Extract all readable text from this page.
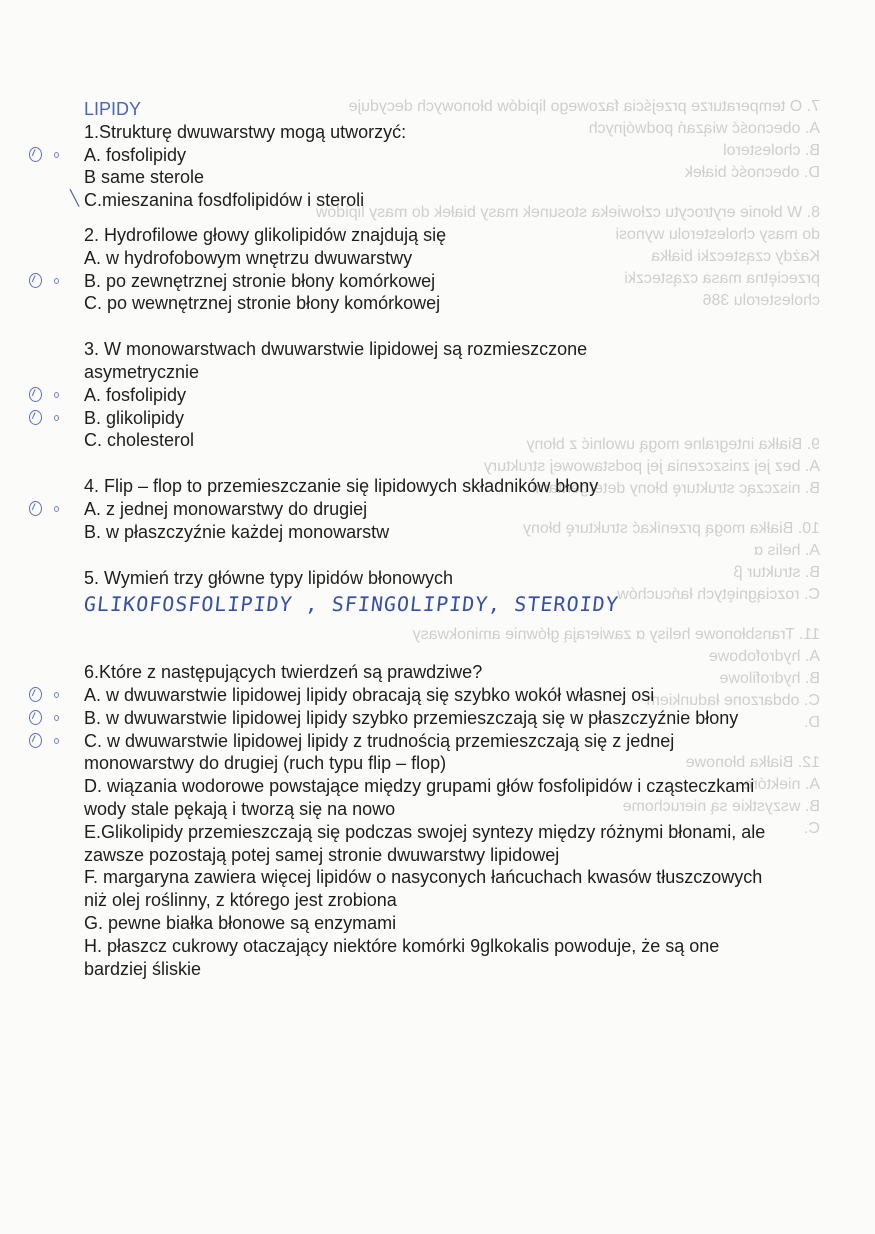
7. O temperaturze przejścia fazowego lipidów błonowych decyduje
A. obecność wiązań podwójnych
B. cholesterol
D. obecność białek
8. W błonie erytrocytu człowieka stosunek masy białek do masy lipidów
do masy cholesterolu wynosi
Każdy cząsteczki białka
przeciętna masa cząsteczki
cholesterolu 386
9. Białka integralne mogą uwolnić z błony
A. bez jej zniszczenia jej podstawowej struktury
B. niszcząc strukturę błony detergentami
10. Białka mogą przenikać strukturę błony
A. helis α
B. struktur β
C. rozciągniętych łańcuchów
11. Transbłonowe helisy α zawierają głównie aminokwasy
A. hydrofobowe
B. hydrofilowe
C. obdarzone ładunkiem
D.
12. Białka błonowe
A. niektóre
B. wszystkie są nieruchome
C.
LIPIDY
1.Strukturę dwuwarstwy mogą utworzyć:
A. fosfolipidy
B same sterole
╲ C.mieszanina fosdfolipidów i steroli
2. Hydrofilowe głowy glikolipidów znajdują się
A. w hydrofobowym wnętrzu dwuwarstwy
B. po zewnętrznej stronie błony komórkowej
C. po wewnętrznej stronie błony komórkowej
3. W monowarstwach dwuwarstwie lipidowej są rozmieszczone
asymetrycznie
A. fosfolipidy
B. glikolipidy
C. cholesterol
4. Flip – flop to przemieszczanie się lipidowych składników błony
A. z jednej monowarstwy do drugiej
B. w płaszczyźnie każdej monowarstw
5. Wymień trzy główne typy lipidów błonowych
GLIKOFOSFOLIPIDY , SFINGOLIPIDY, STEROIDY
6.Które z następujących twierdzeń są prawdziwe?
A. w dwuwarstwie lipidowej lipidy obracają się szybko wokół własnej osi
B. w dwuwarstwie lipidowej lipidy szybko przemieszczają się w płaszczyźnie błony
C. w dwuwarstwie lipidowej lipidy z trudnością przemieszczają się z jednej monowarstwy do drugiej (ruch typu flip – flop)
D. wiązania wodorowe powstające między grupami głów fosfolipidów i cząsteczkami wody stale pękają i tworzą się na nowo
E.Glikolipidy przemieszczają się podczas swojej syntezy między różnymi błonami, ale zawsze pozostają potej samej stronie dwuwarstwy lipidowej
F. margaryna zawiera więcej lipidów o nasyconych łańcuchach kwasów tłuszczowych niż olej roślinny, z którego jest zrobiona
G. pewne białka błonowe są enzymami
H. płaszcz cukrowy otaczający niektóre komórki 9glkokalis powoduje, że są one bardziej śliskie
